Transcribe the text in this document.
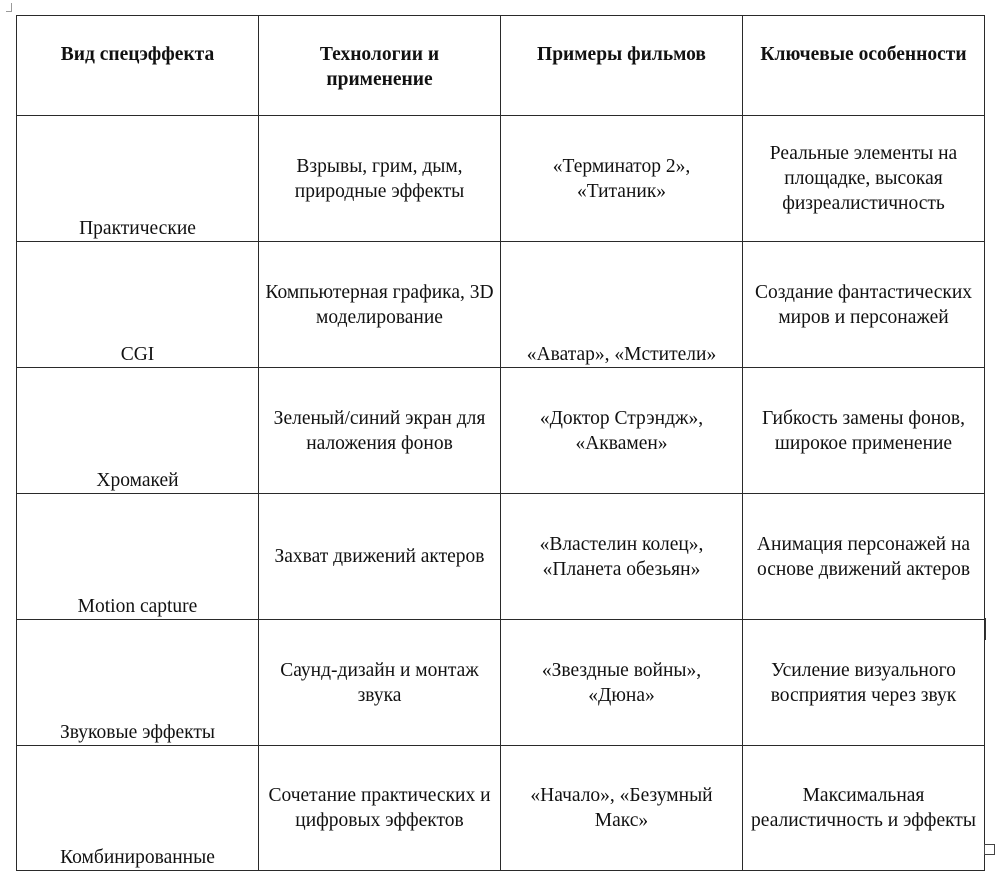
Вид спецэффекта	Технологии и применение	Примеры фильмов	Ключевые особенности

Практические	Взрывы, грим, дым, природные эффекты	«Терминатор 2», «Титаник»	Реальные элементы на площадке, высокая физреалистичность
CGI	Компьютерная графика, 3D моделирование	«Аватар», «Мстители»	Создание фантастических миров и персонажей
Хромакей	Зеленый/синий экран для наложения фонов	«Доктор Стрэндж», «Аквамен»	Гибкость замены фонов, широкое применение
Motion capture	Захват движений актеров	«Властелин колец», «Планета обезьян»	Анимация персонажей на основе движений актеров
Звуковые эффекты	Саунд-дизайн и монтаж звука	«Звездные войны», «Дюна»	Усиление визуального восприятия через звук
Комбинированные	Сочетание практических и цифровых эффектов	«Начало», «Безумный Макс»	Максимальная реалистичность и эффекты
